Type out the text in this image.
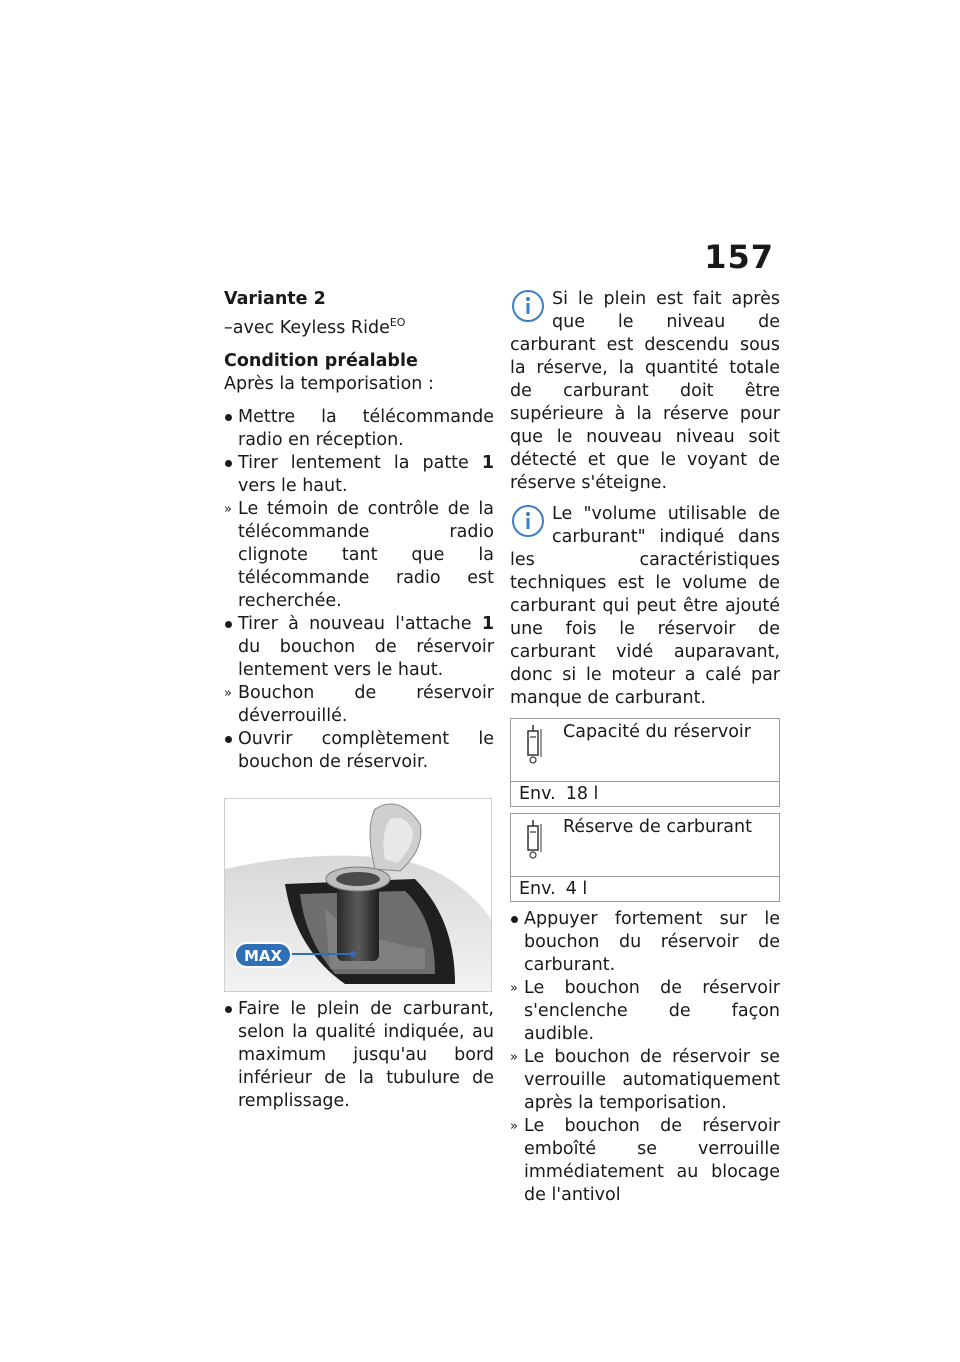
157

Variante 2

–avec Keyless Ride$^{EO}$

Condition préalable

Après la temporisation :

Mettre la télécommande radio en réception.
Tirer lentement la patte 1 vers le haut.
» Le témoin de contrôle de la télécommande radio clignote tant que la télécommande radio est recherchée.
Tirer à nouveau l'attache 1 du bouchon de réservoir lentement vers le haut.
» Bouchon de réservoir déverrouillé.
Ouvrir complètement le bouchon de réservoir.
MAX
Faire le plein de carburant, selon la qualité indiquée, au maximum jusqu'au bord inférieur de la tubulure de remplissage.
Si le plein est fait après que le niveau de carburant est descendu sous la réserve, la quantité totale de carburant doit être supérieure à la réserve pour que le nouveau niveau soit détecté et que le voyant de réserve s'éteigne.
Le "volume utilisable de carburant" indiqué dans les caractéristiques techniques est le volume de carburant qui peut être ajouté une fois le réservoir de carburant vidé auparavant, donc si le moteur a calé par manque de carburant.
Capacité du réservoir
Env. 18 l
Réserve de carburant
Env. 4 l
Appuyer fortement sur le bouchon du réservoir de carburant.
» Le bouchon de réservoir s'enclenche de façon audible.
» Le bouchon de réservoir se verrouille automatiquement après la temporisation.
» Le bouchon de réservoir emboîté se verrouille immédiatement au blocage de l'antivol
